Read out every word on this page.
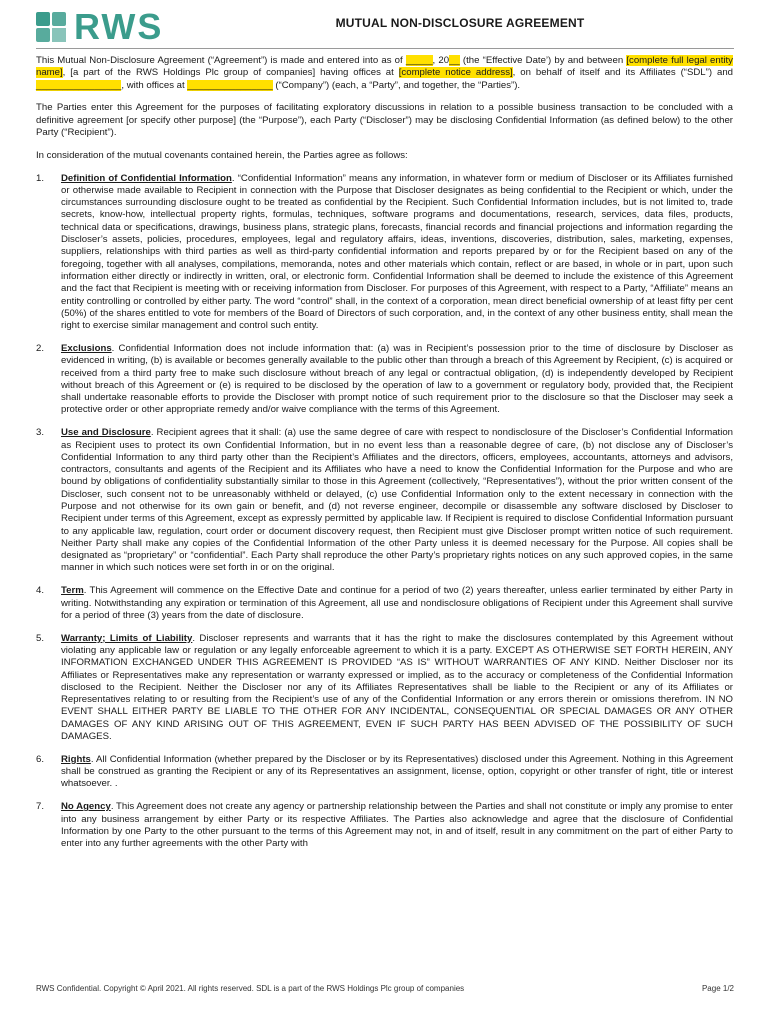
RWS	MUTUAL NON-DISCLOSURE AGREEMENT

This Mutual Non-Disclosure Agreement (“Agreement”) is made and entered into as of _____, 20__ (the “Effective Date’) by and between [complete full legal entity name], [a part of the RWS Holdings Plc group of companies] having offices at [complete notice address], on behalf of itself and its Affiliates (“SDL”) and ________________, with offices at ________________ (“Company”) (each, a “Party”, and together, the “Parties”).

The Parties enter this Agreement for the purposes of facilitating exploratory discussions in relation to a possible business transaction to be concluded with a definitive agreement [or specify other purpose] (the “Purpose”), each Party (“Discloser”) may be disclosing Confidential Information (as defined below) to the other Party (“Recipient”).

In consideration of the mutual covenants contained herein, the Parties agree as follows:

1.	Definition of Confidential Information. “Confidential Information” means any information, in whatever form or medium of Discloser or its Affiliates furnished or otherwise made available to Recipient in connection with the Purpose that Discloser designates as being confidential to the Recipient or which, under the circumstances surrounding disclosure ought to be treated as confidential by the Recipient. Such Confidential Information includes, but is not limited to, trade secrets, know-how, intellectual property rights, formulas, techniques, software programs and documentations, research, services, data files, products, technical data or specifications, drawings, business plans, strategic plans, forecasts, financial records and financial projections and information regarding the Discloser’s assets, policies, procedures, employees, legal and regulatory affairs, ideas, inventions, discoveries, distribution, sales, marketing, expenses, suppliers, relationships with third parties as well as third-party confidential information and reports prepared by or for the Recipient based on any of the foregoing, together with all analyses, compilations, memoranda, notes and other materials which contain, reflect or are based, in whole or in part, upon such information either directly or indirectly in written, oral, or electronic form. Confidential Information shall be deemed to include the existence of this Agreement and the fact that Recipient is meeting with or receiving information from Discloser. For purposes of this Agreement, with respect to a Party, “Affiliate” means an entity controlling or controlled by either party. The word “control” shall, in the context of a corporation, mean direct beneficial ownership of at least fifty per cent (50%) of the shares entitled to vote for members of the Board of Directors of such corporation, and, in the context of any other business entity, shall mean the right to exercise similar management and control such entity.

2.	Exclusions. Confidential Information does not include information that: (a) was in Recipient’s possession prior to the time of disclosure by Discloser as evidenced in writing, (b) is available or becomes generally available to the public other than through a breach of this Agreement by Recipient, (c) is acquired or received from a third party free to make such disclosure without breach of any legal or contractual obligation, (d) is independently developed by Recipient without breach of this Agreement or (e) is required to be disclosed by the operation of law to a government or regulatory body, provided that, the Recipient shall undertake reasonable efforts to provide the Discloser with prompt notice of such requirement prior to the disclosure so that the Discloser may seek a protective order or other appropriate remedy and/or waive compliance with the terms of this Agreement.

3.	Use and Disclosure. Recipient agrees that it shall: (a) use the same degree of care with respect to nondisclosure of the Discloser’s Confidential Information as Recipient uses to protect its own Confidential Information, but in no event less than a reasonable degree of care, (b) not disclose any of Discloser’s Confidential Information to any third party other than the Recipient’s Affiliates and the directors, officers, employees, accountants, attorneys and advisors, contractors, consultants and agents of the Recipient and its Affiliates who have a need to know the Confidential Information for the Purpose and who are bound by obligations of confidentiality substantially similar to those in this Agreement (collectively, “Representatives”), without the prior written consent of the Discloser, such consent not to be unreasonably withheld or delayed, (c) use Confidential Information only to the extent necessary in connection with the Purpose and not otherwise for its own gain or benefit, and (d) not reverse engineer, decompile or disassemble any software disclosed by Discloser to Recipient under terms of this Agreement, except as expressly permitted by applicable law. If Recipient is required to disclose Confidential Information pursuant to any applicable law, regulation, court order or document discovery request, then Recipient must give Discloser prompt written notice of such requirement. Neither Party shall make any copies of the Confidential Information of the other Party unless it is deemed necessary for the Purpose. All copies shall be designated as “proprietary” or “confidential”. Each Party shall reproduce the other Party’s proprietary rights notices on any such approved copies, in the same manner in which such notices were set forth in or on the original.

4.	Term. This Agreement will commence on the Effective Date and continue for a period of two (2) years thereafter, unless earlier terminated by either Party in writing. Notwithstanding any expiration or termination of this Agreement, all use and nondisclosure obligations of Recipient under this Agreement shall survive for a period of three (3) years from the date of disclosure.

5.	Warranty; Limits of Liability. Discloser represents and warrants that it has the right to make the disclosures contemplated by this Agreement without violating any applicable law or regulation or any legally enforceable agreement to which it is a party. EXCEPT AS OTHERWISE SET FORTH HEREIN, ANY INFORMATION EXCHANGED UNDER THIS AGREEMENT IS PROVIDED “AS IS” WITHOUT WARRANTIES OF ANY KIND. Neither Discloser nor its Affiliates or Representatives make any representation or warranty expressed or implied, as to the accuracy or completeness of the Confidential Information disclosed to the Recipient. Neither the Discloser nor any of its Affiliates Representatives shall be liable to the Recipient or any of its Affiliates or Representatives relating to or resulting from the Recipient’s use of any of the Confidential Information or any errors therein or omissions therefrom. IN NO EVENT SHALL EITHER PARTY BE LIABLE TO THE OTHER FOR ANY INCIDENTAL, CONSEQUENTIAL OR SPECIAL DAMAGES OR ANY OTHER DAMAGES OF ANY KIND ARISING OUT OF THIS AGREEMENT, EVEN IF SUCH PARTY HAS BEEN ADVISED OF THE POSSIBILITY OF SUCH DAMAGES.

6.	Rights. All Confidential Information (whether prepared by the Discloser or by its Representatives) disclosed under this Agreement. Nothing in this Agreement shall be construed as granting the Recipient or any of its Representatives an assignment, license, option, copyright or other transfer of right, title or interest whatsoever. .

7.	No Agency. This Agreement does not create any agency or partnership relationship between the Parties and shall not constitute or imply any promise to enter into any business arrangement by either Party or its respective Affiliates. The Parties also acknowledge and agree that the disclosure of Confidential Information by one Party to the other pursuant to the terms of this Agreement may not, in and of itself, result in any commitment on the part of either Party to enter into any further agreements with the other Party with

RWS Confidential. Copyright © April 2021. All rights reserved. SDL is a part of the RWS Holdings Plc group of companies	Page 1/2
